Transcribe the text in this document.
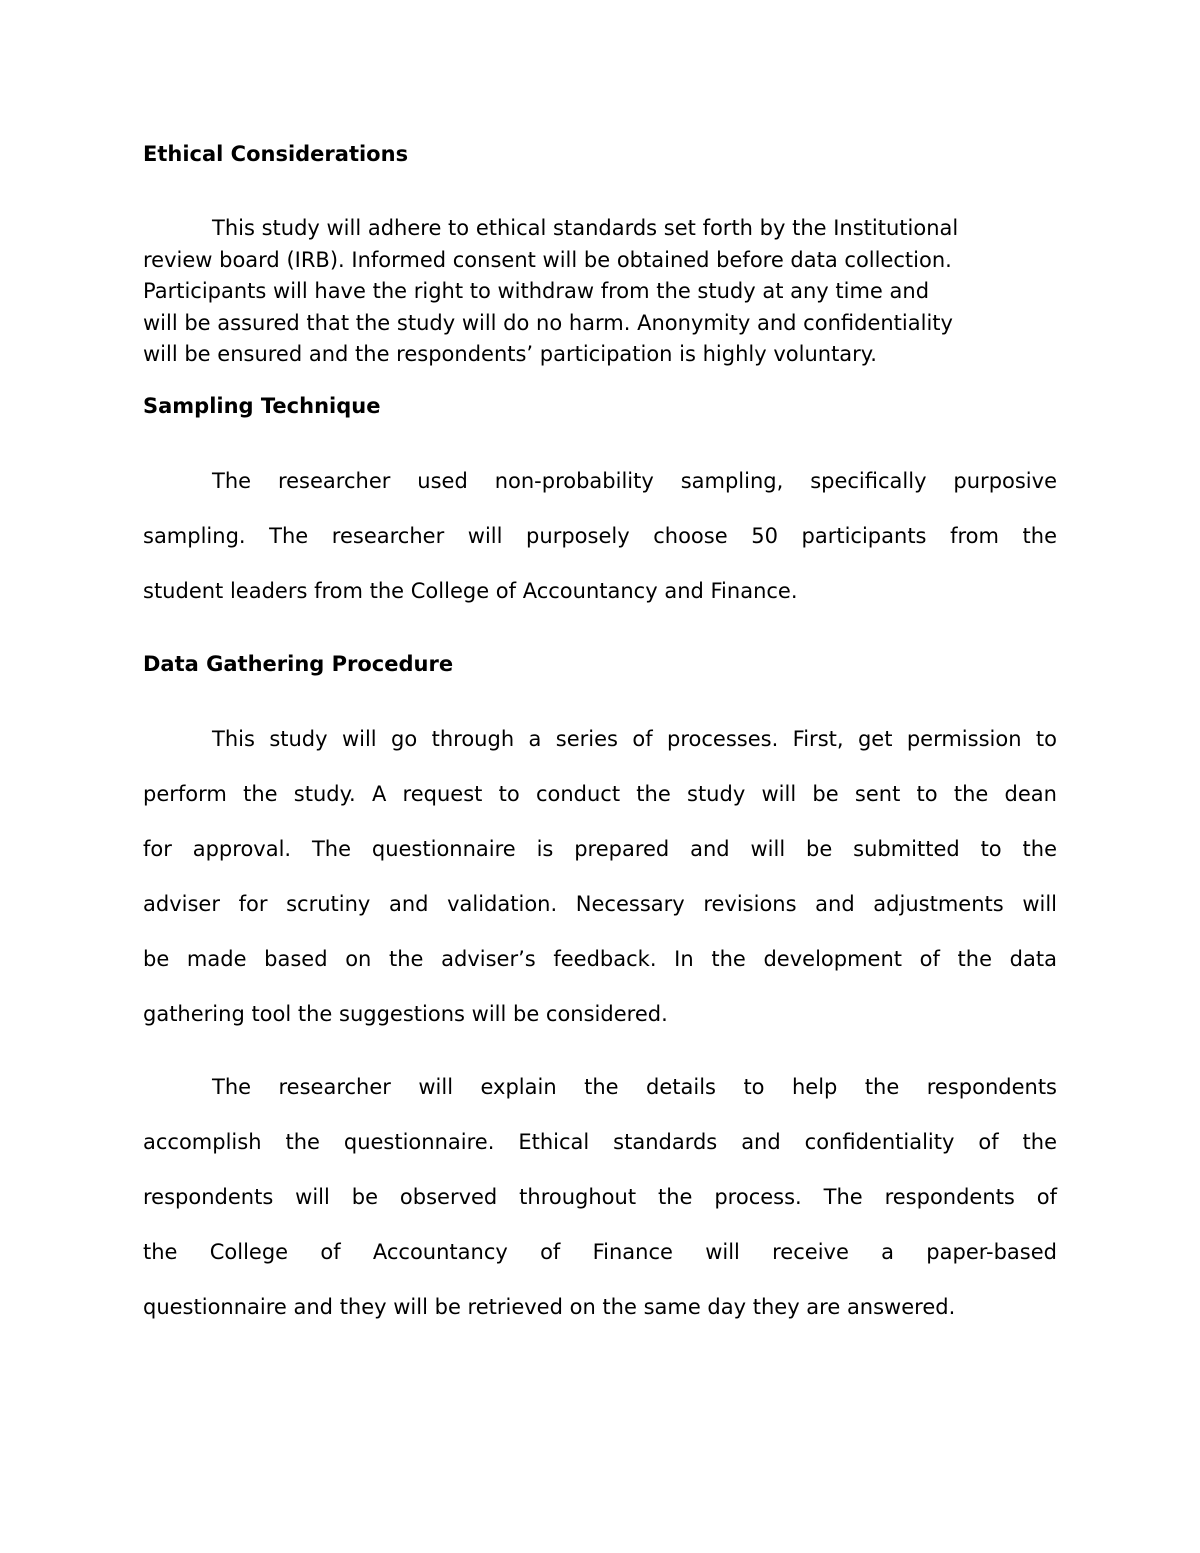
Ethical Considerations
This study will adhere to ethical standards set forth by the Institutional
review board (IRB). Informed consent will be obtained before data collection.
Participants will have the right to withdraw from the study at any time and
will be assured that the study will do no harm. Anonymity and confidentiality
will be ensured and the respondents’ participation is highly voluntary.
Sampling Technique
The researcher used non-probability sampling, specifically purposive
sampling. The researcher will purposely choose 50 participants from the
student leaders from the College of Accountancy and Finance.
Data Gathering Procedure
This study will go through a series of processes. First, get permission to
perform the study. A request to conduct the study will be sent to the dean
for approval. The questionnaire is prepared and will be submitted to the
adviser for scrutiny and validation. Necessary revisions and adjustments will
be made based on the adviser’s feedback. In the development of the data
gathering tool the suggestions will be considered.
The researcher will explain the details to help the respondents
accomplish the questionnaire. Ethical standards and confidentiality of the
respondents will be observed throughout the process. The respondents of
the College of Accountancy of Finance will receive a paper-based
questionnaire and they will be retrieved on the same day they are answered.
